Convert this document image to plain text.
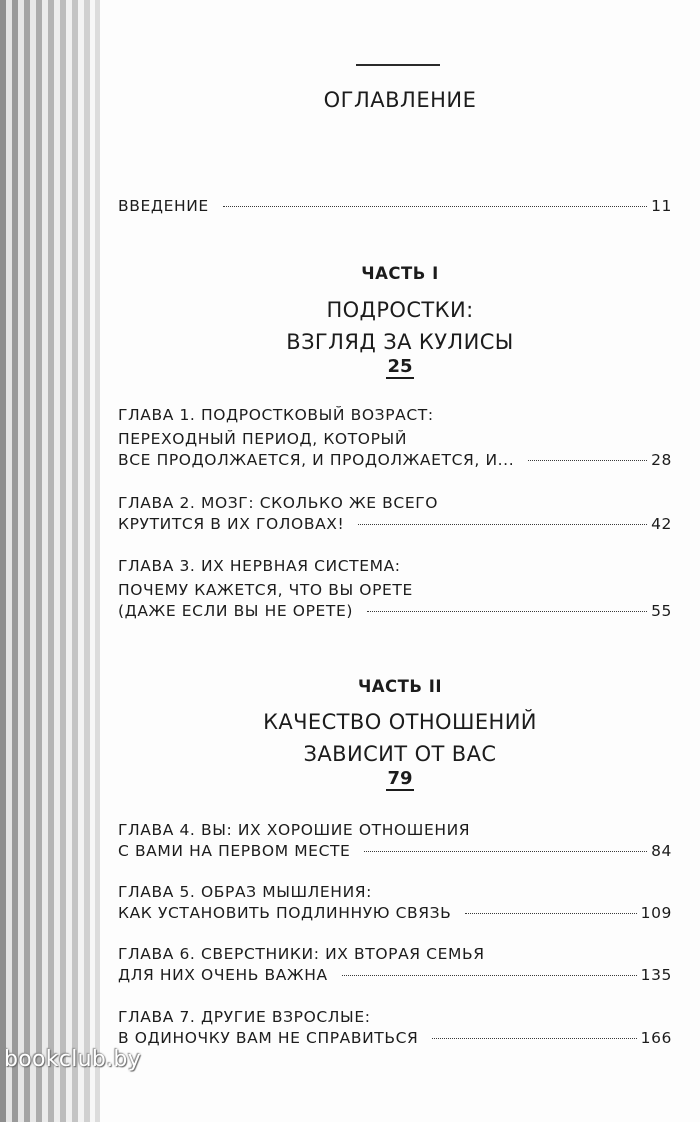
ОГЛАВЛЕНИЕ
ВВЕДЕНИЕ	11
ЧАСТЬ I
ПОДРОСТКИ:
ВЗГЛЯД ЗА КУЛИСЫ
25
ГЛАВА 1. ПОДРОСТКОВЫЙ ВОЗРАСТ:
ПЕРЕХОДНЫЙ ПЕРИОД, КОТОРЫЙ
ВСЕ ПРОДОЛЖАЕТСЯ, И ПРОДОЛЖАЕТСЯ, И...	28
ГЛАВА 2. МОЗГ: СКОЛЬКО ЖЕ ВСЕГО
КРУТИТСЯ В ИХ ГОЛОВАХ!	42
ГЛАВА 3. ИХ НЕРВНАЯ СИСТЕМА:
ПОЧЕМУ КАЖЕТСЯ, ЧТО ВЫ ОРЕТЕ
(ДАЖЕ ЕСЛИ ВЫ НЕ ОРЕТЕ)	55
ЧАСТЬ II
КАЧЕСТВО ОТНОШЕНИЙ
ЗАВИСИТ ОТ ВАС
79
ГЛАВА 4. ВЫ: ИХ ХОРОШИЕ ОТНОШЕНИЯ
С ВАМИ НА ПЕРВОМ МЕСТЕ	84
ГЛАВА 5. ОБРАЗ МЫШЛЕНИЯ:
КАК УСТАНОВИТЬ ПОДЛИННУЮ СВЯЗЬ	109
ГЛАВА 6. СВЕРСТНИКИ: ИХ ВТОРАЯ СЕМЬЯ
ДЛЯ НИХ ОЧЕНЬ ВАЖНА	135
ГЛАВА 7. ДРУГИЕ ВЗРОСЛЫЕ:
В ОДИНОЧКУ ВАМ НЕ СПРАВИТЬСЯ	166
bookclub.by
